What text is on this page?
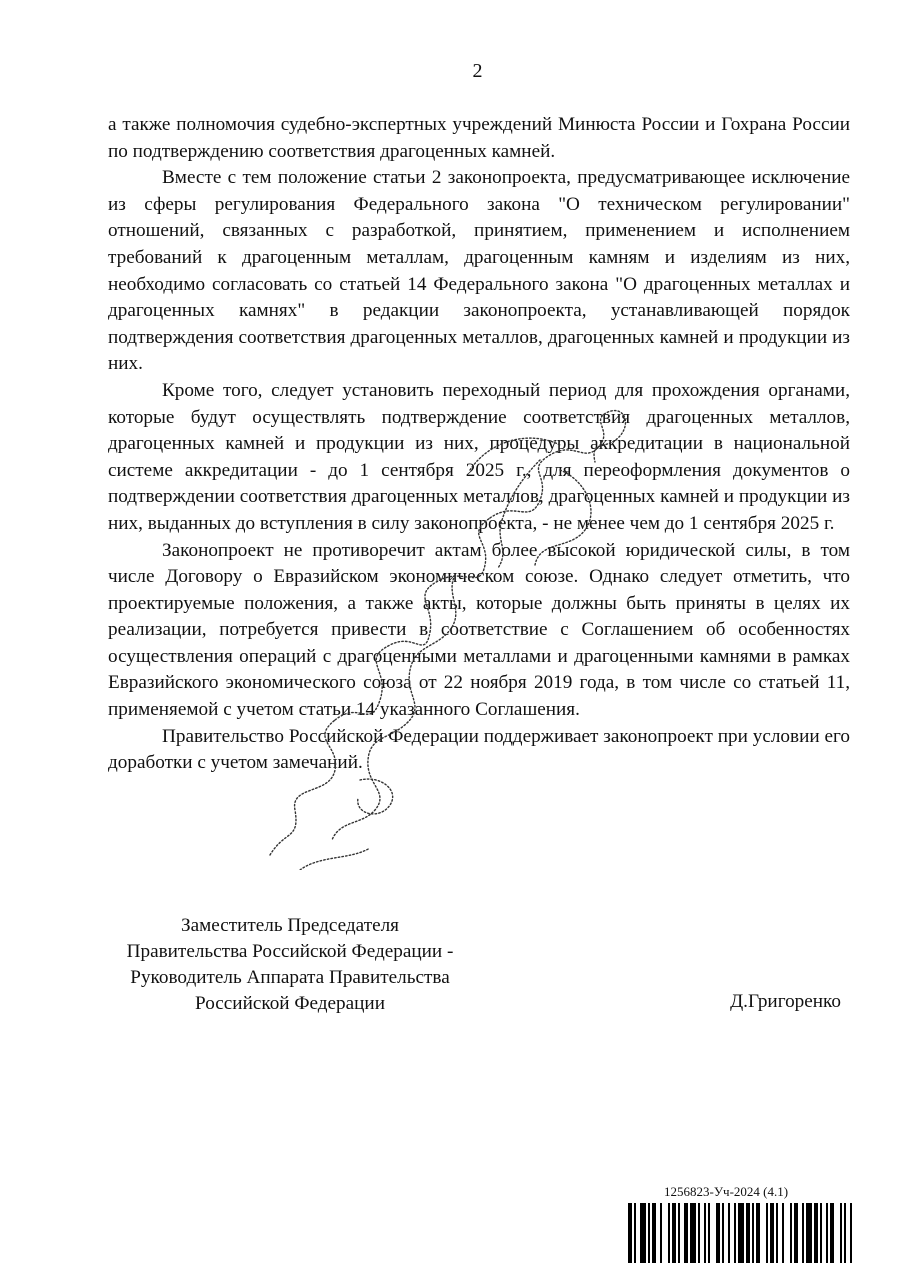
2

а также полномочия судебно-экспертных учреждений Минюста России и Гохрана России по подтверждению соответствия драгоценных камней.

Вместе с тем положение статьи 2 законопроекта, предусматривающее исключение из сферы регулирования Федерального закона "О техническом регулировании" отношений, связанных с разработкой, принятием, применением и исполнением требований к драгоценным металлам, драгоценным камням и изделиям из них, необходимо согласовать со статьей 14 Федерального закона "О драгоценных металлах и драгоценных камнях" в редакции законопроекта, устанавливающей порядок подтверждения соответствия драгоценных металлов, драгоценных камней и продукции из них.

Кроме того, следует установить переходный период для прохождения органами, которые будут осуществлять подтверждение соответствия драгоценных металлов, драгоценных камней и продукции из них, процедуры аккредитации в национальной системе аккредитации - до 1 сентября 2025 г., для переоформления документов о подтверждении соответствия драгоценных металлов, драгоценных камней и продукции из них, выданных до вступления в силу законопроекта, - не менее чем до 1 сентября 2025 г.

Законопроект не противоречит актам более высокой юридической силы, в том числе Договору о Евразийском экономическом союзе. Однако следует отметить, что проектируемые положения, а также акты, которые должны быть приняты в целях их реализации, потребуется привести в соответствие с Соглашением об особенностях осуществления операций с драгоценными металлами и драгоценными камнями в рамках Евразийского экономического союза от 22 ноября 2019 года, в том числе со статьей 11, применяемой с учетом статьи 14 указанного Соглашения.

Правительство Российской Федерации поддерживает законопроект при условии его доработки с учетом замечаний.

Заместитель Председателя
Правительства Российской Федерации -
Руководитель Аппарата Правительства
Российской Федерации	Д.Григоренко
1256823-Уч-2024 (4.1)
